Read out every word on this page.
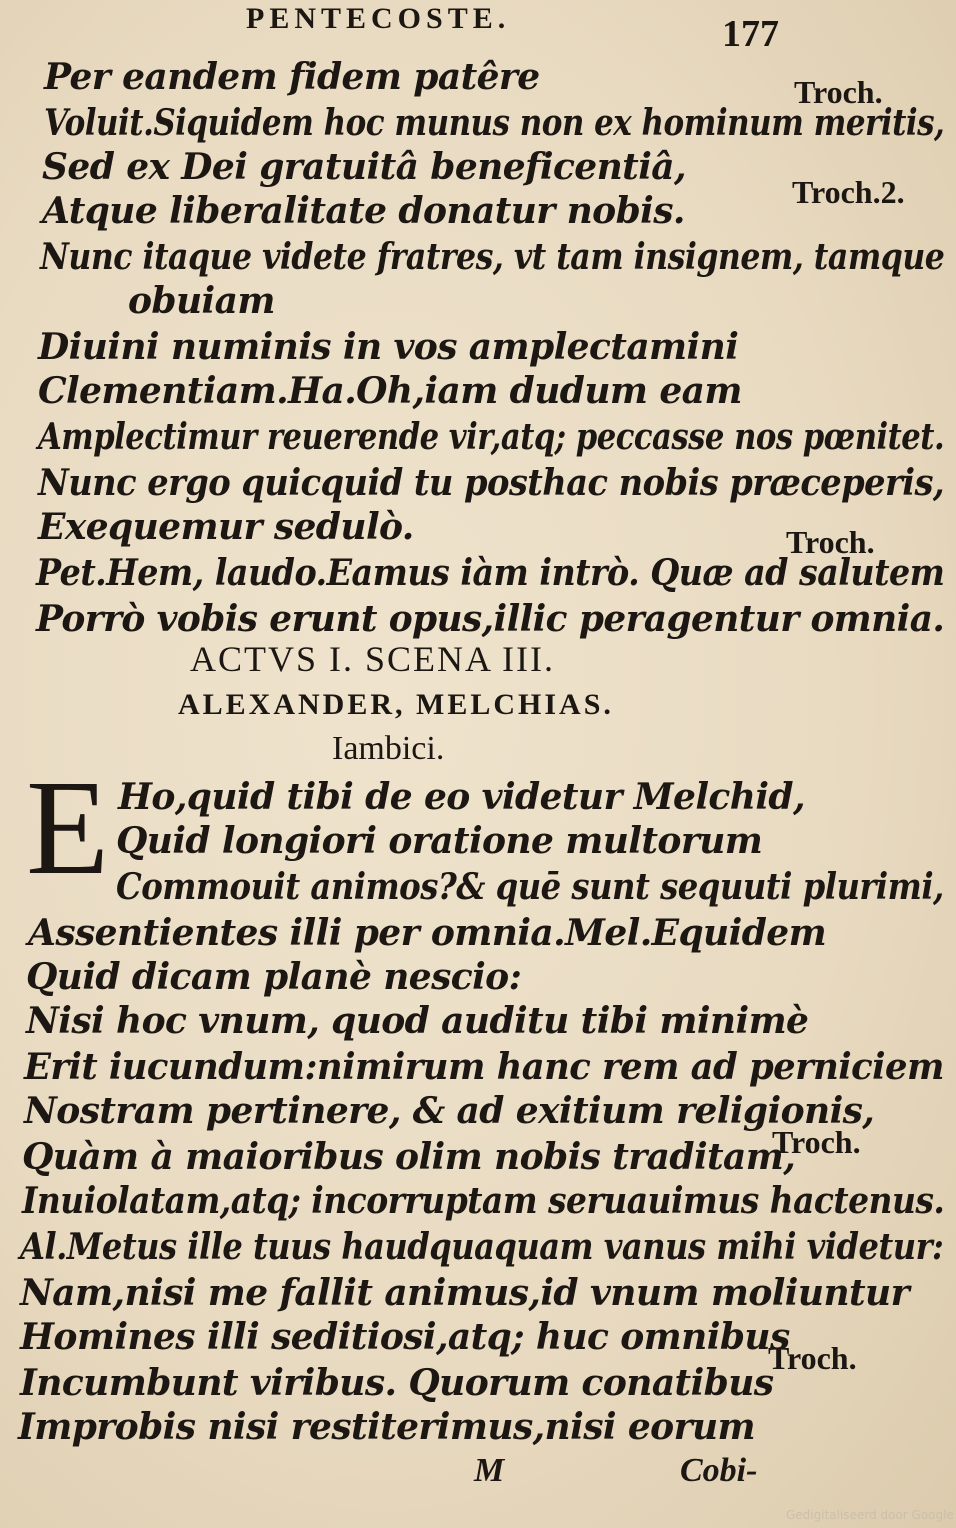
PENTECOSTE.	177
Per eandem fidem patêre
Voluit.Siquidem hoc munus non ex hominum meritis,
Sed ex Dei gratuitâ beneficentiâ,
Atque liberalitate donatur nobis.
Nunc itaque videte fratres, vt tam insignem, tamque
obuiam
Diuini numinis in vos amplectamini
Clementiam.Ha.Oh,iam dudum eam
Amplectimur reuerende vir,atq; peccasse nos pœnitet.
Nunc ergo quicquid tu posthac nobis præceperis,
Exequemur sedulò.
Pet.Hem, laudo.Eamus iàm intrò. Quæ ad salutem
Porrò vobis erunt opus,illic peragentur omnia.
ACTVS I. SCENA III.
ALEXANDER, MELCHIAS.
Iambici.
E Ho,quid tibi de eo videtur Melchid,
Quid longiori oratione multorum
Commouit animos?& quē sunt sequuti plurimi,
Assentientes illi per omnia.Mel.Equidem
Quid dicam planè nescio:
Nisi hoc vnum, quod auditu tibi minimè
Erit iucundum:nimirum hanc rem ad perniciem
Nostram pertinere, & ad exitium religionis,
Quàm à maioribus olim nobis traditam,
Inuiolatam,atq; incorruptam seruauimus hactenus.
Al.Metus ille tuus haudquaquam vanus mihi videtur:
Nam,nisi me fallit animus,id vnum moliuntur
Homines illi seditiosi,atq; huc omnibus
Incumbunt viribus. Quorum conatibus
Improbis nisi restiterimus,nisi eorum
Troch.
Troch.2.
Troch.
Troch.
Troch.
M	Cobi-
Gedigitaliseerd door Google
